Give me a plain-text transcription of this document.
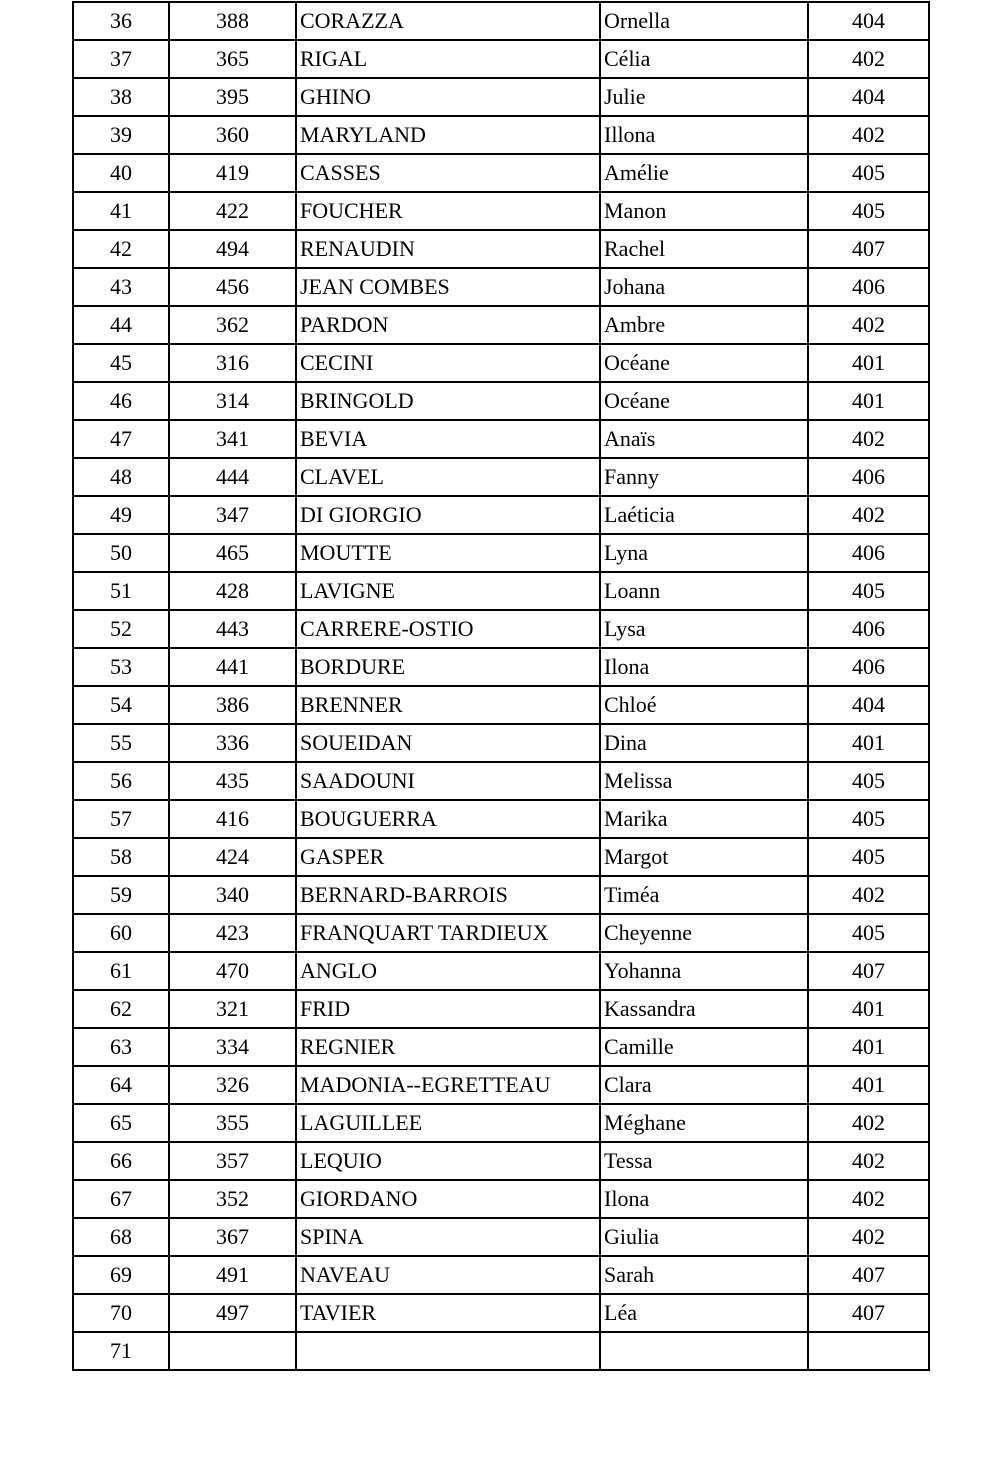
36	388	CORAZZA	Ornella	404
37	365	RIGAL	Célia	402
38	395	GHINO	Julie	404
39	360	MARYLAND	Illona	402
40	419	CASSES	Amélie	405
41	422	FOUCHER	Manon	405
42	494	RENAUDIN	Rachel	407
43	456	JEAN COMBES	Johana	406
44	362	PARDON	Ambre	402
45	316	CECINI	Océane	401
46	314	BRINGOLD	Océane	401
47	341	BEVIA	Anaïs	402
48	444	CLAVEL	Fanny	406
49	347	DI GIORGIO	Laéticia	402
50	465	MOUTTE	Lyna	406
51	428	LAVIGNE	Loann	405
52	443	CARRERE-OSTIO	Lysa	406
53	441	BORDURE	Ilona	406
54	386	BRENNER	Chloé	404
55	336	SOUEIDAN	Dina	401
56	435	SAADOUNI	Melissa	405
57	416	BOUGUERRA	Marika	405
58	424	GASPER	Margot	405
59	340	BERNARD-BARROIS	Timéa	402
60	423	FRANQUART TARDIEUX	Cheyenne	405
61	470	ANGLO	Yohanna	407
62	321	FRID	Kassandra	401
63	334	REGNIER	Camille	401
64	326	MADONIA--EGRETTEAU	Clara	401
65	355	LAGUILLEE	Méghane	402
66	357	LEQUIO	Tessa	402
67	352	GIORDANO	Ilona	402
68	367	SPINA	Giulia	402
69	491	NAVEAU	Sarah	407
70	497	TAVIER	Léa	407
71				
